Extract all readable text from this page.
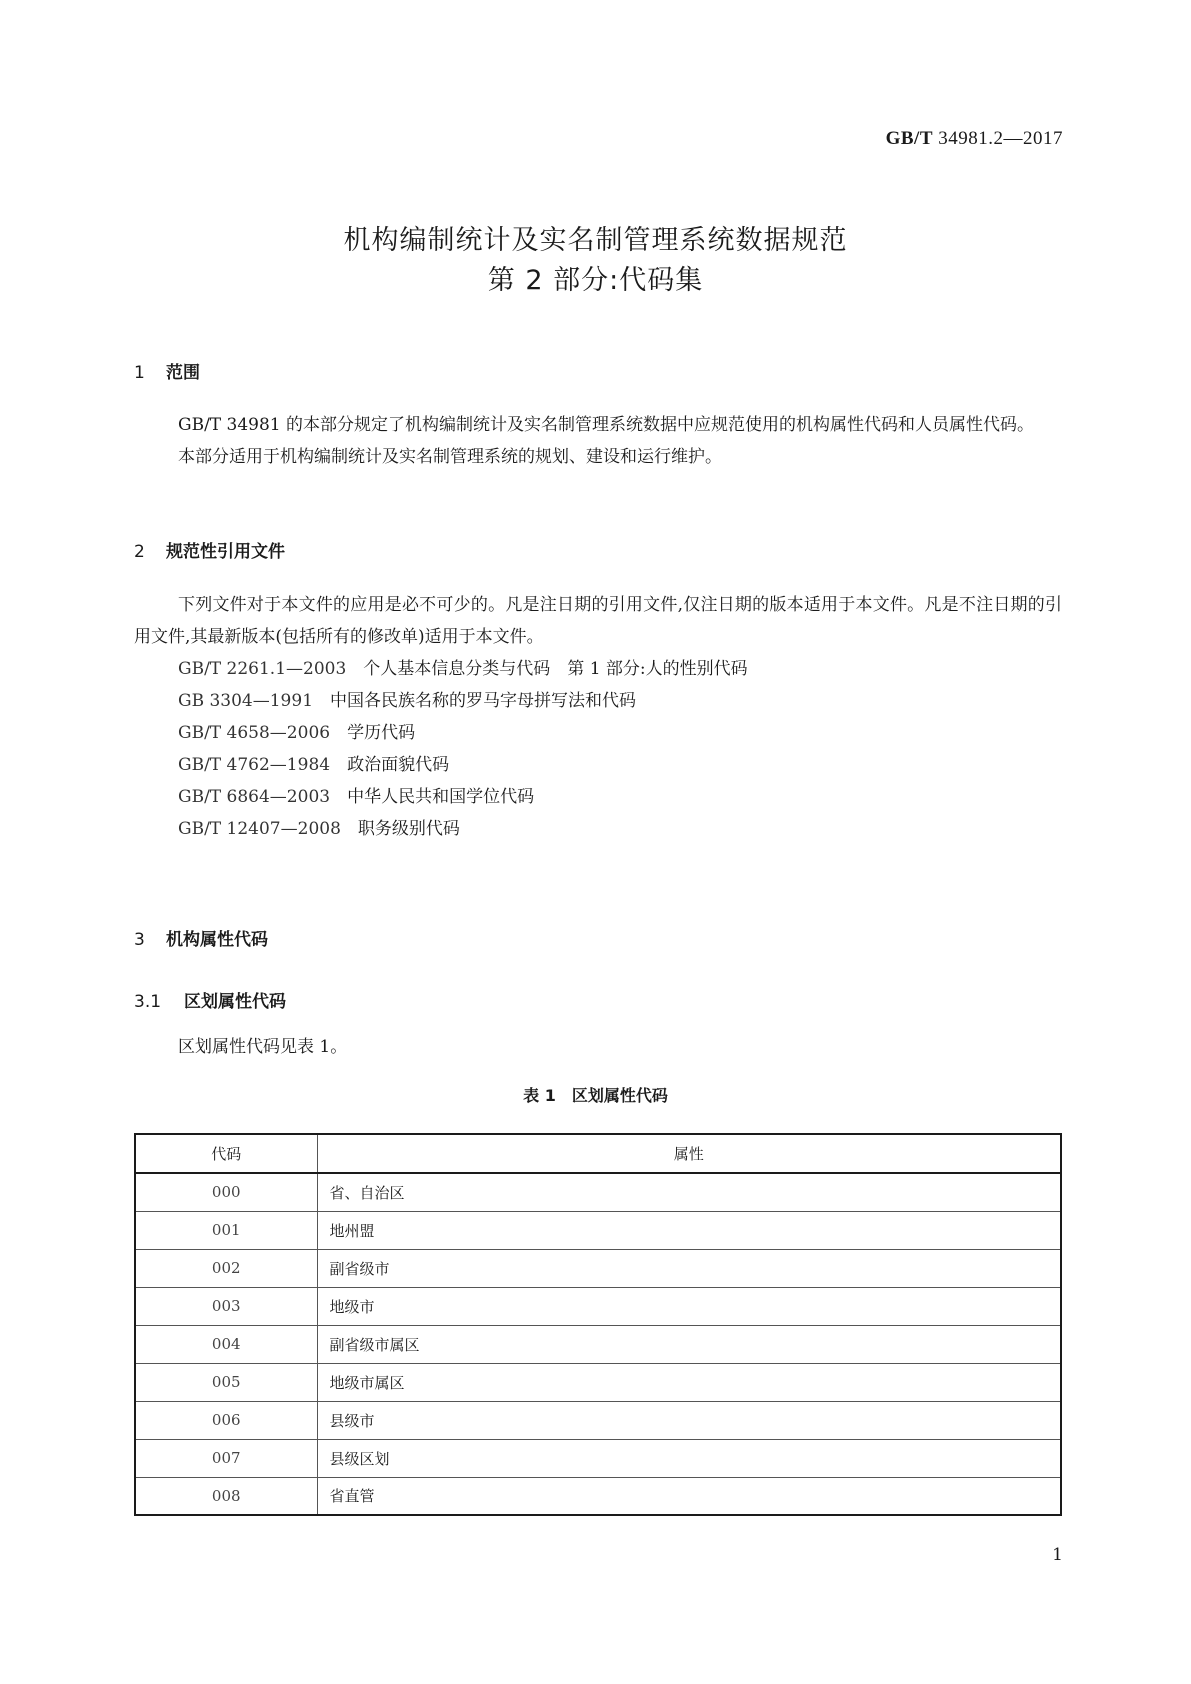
GB/T 34981.2—2017
机构编制统计及实名制管理系统数据规范
第 2 部分:代码集
1 范围

GB/T 34981 的本部分规定了机构编制统计及实名制管理系统数据中应规范使用的机构属性代码和人员属性代码。

本部分适用于机构编制统计及实名制管理系统的规划、建设和运行维护。

2 规范性引用文件

下列文件对于本文件的应用是必不可少的。凡是注日期的引用文件,仅注日期的版本适用于本文件。凡是不注日期的引用文件,其最新版本(包括所有的修改单)适用于本文件。

GB/T 2261.1—2003　 个人基本信息分类与代码　第 1 部分:人的性别代码
GB 3304—1991　 中国各民族名称的罗马字母拼写法和代码
GB/T 4658—2006　 学历代码
GB/T 4762—1984　 政治面貌代码
GB/T 6864—2003　 中华人民共和国学位代码
GB/T 12407—2008　 职务级别代码
3 机构属性代码
3.1 区划属性代码

区划属性代码见表 1。

表 1　区划属性代码
代码	属性
000	省、自治区
001	地州盟
002	副省级市
003	地级市
004	副省级市属区
005	地级市属区
006	县级市
007	县级区划
008	省直管
1
